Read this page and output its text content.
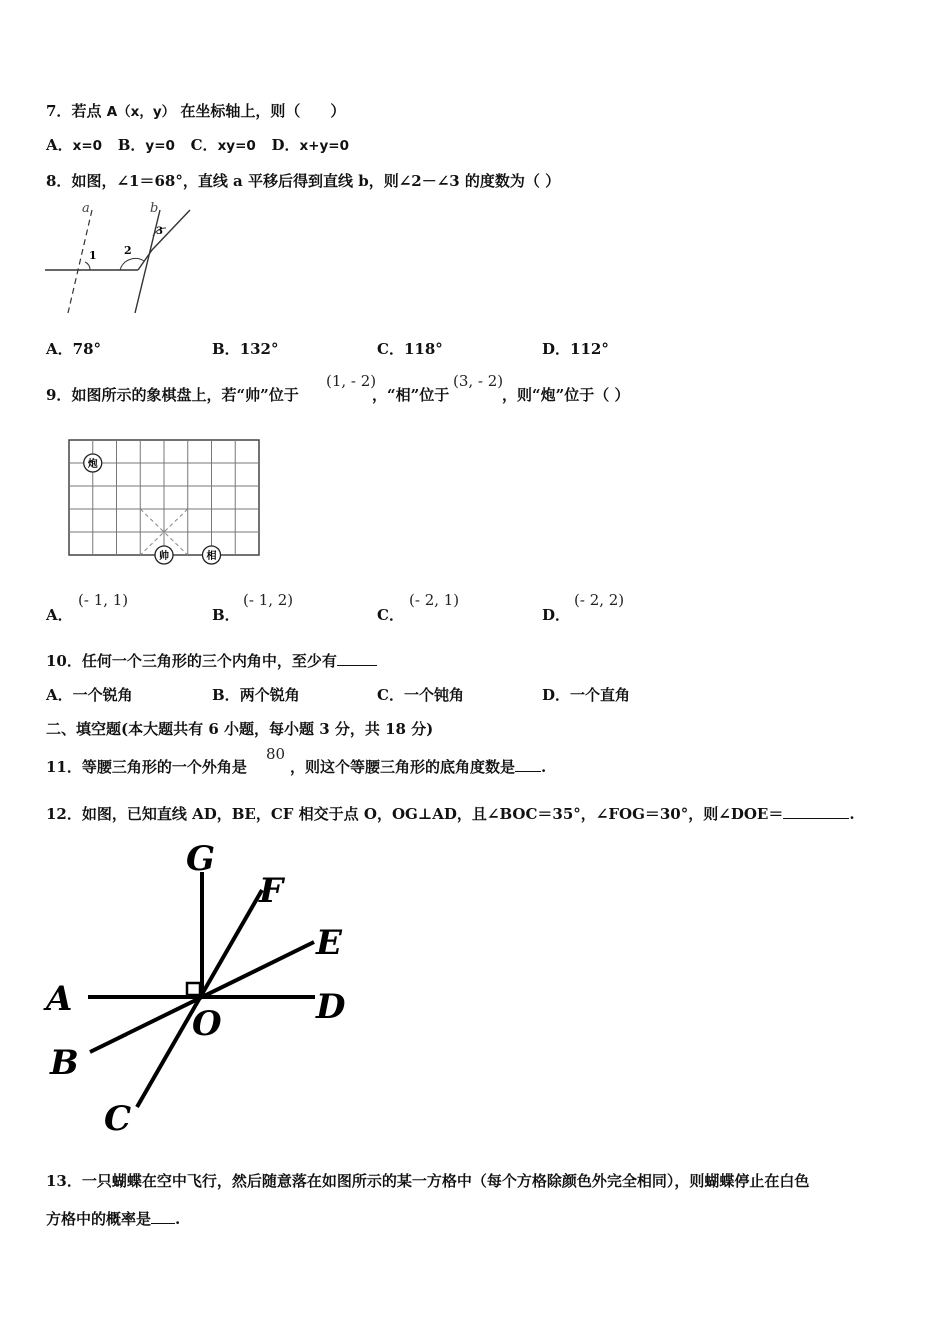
7．若点 A（x，y） 在坐标轴上，则（　　）
A．x=0 B．y=0 C．xy=0 D．x+y=0
8．如图，∠1＝68°，直线 a 平移后得到直线 b，则∠2－∠3 的度数为（ ）
a	b
1 2
3
A．78°	B．132°	C．118°	D．112°
9．如图所示的象棋盘上，若“帅”位于
(1, - 2)
，“相”位于
(3, - 2)
，则“炮”位于（ ）
炮
帅	相
A．
(- 1, 1)
B．
(- 1, 2)
C．
(- 2, 1)
D．
(- 2, 2)
10．任何一个三角形的三个内角中，至少有
A．一个锐角	B．两个锐角	C．一个钝角	D．一个直角
二、填空题(本大题共有 6 小题，每小题 3 分，共 18 分)
11．等腰三角形的一个外角是
80
，则这个等腰三角形的底角度数是 .
12．如图，已知直线 AD，BE，CF 相交于点 O，OG⊥AD，且∠BOC＝35°，∠FOG＝30°，则∠DOE＝	.
G
F
E
A	D
O
B
C
13．一只蝴蝶在空中飞行，然后随意落在如图所示的某一方格中（每个方格除颜色外完全相同），则蝴蝶停止在白色
方格中的概率是 .
